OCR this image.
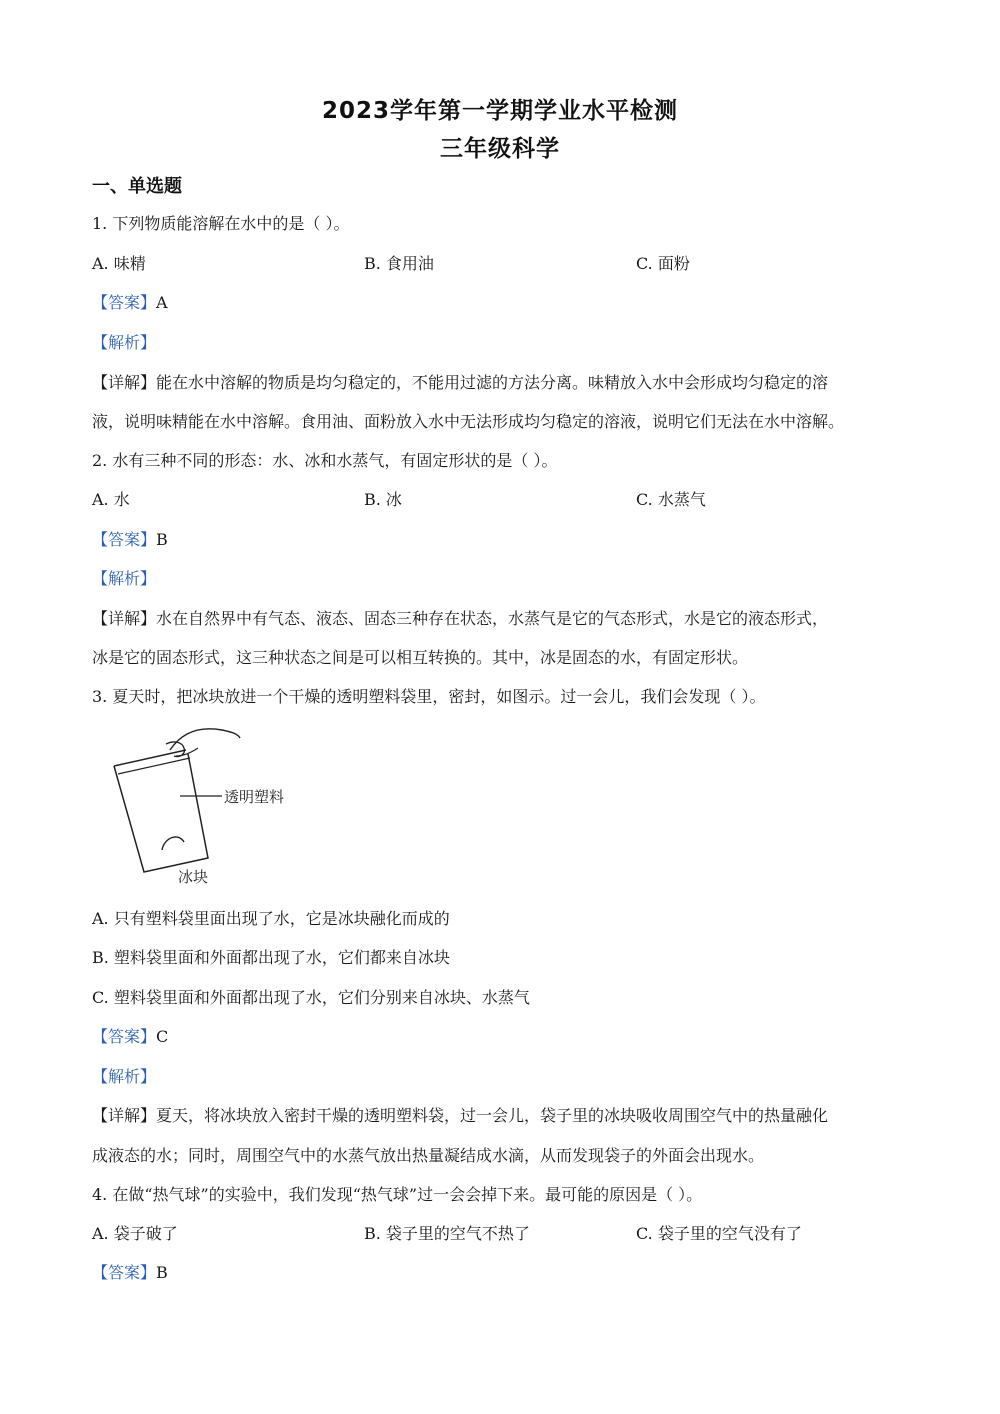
2023学年第一学期学业水平检测
三年级科学
一、单选题
1. 下列物质能溶解在水中的是（ ）。
A. 味精	B. 食用油	C. 面粉
【答案】A
【解析】
【详解】能在水中溶解的物质是均匀稳定的，不能用过滤的方法分离。味精放入水中会形成均匀稳定的溶
液，说明味精能在水中溶解。食用油、面粉放入水中无法形成均匀稳定的溶液，说明它们无法在水中溶解。
2. 水有三种不同的形态：水、冰和水蒸气，有固定形状的是（ ）。
A. 水	B. 冰	C. 水蒸气
【答案】B
【解析】
【详解】水在自然界中有气态、液态、固态三种存在状态，水蒸气是它的气态形式，水是它的液态形式，
冰是它的固态形式，这三种状态之间是可以相互转换的。其中，冰是固态的水，有固定形状。
3. 夏天时，把冰块放进一个干燥的透明塑料袋里，密封，如图示。过一会儿，我们会发现（ ）。
透明塑料
冰块
A. 只有塑料袋里面出现了水，它是冰块融化而成的
B. 塑料袋里面和外面都出现了水，它们都来自冰块
C. 塑料袋里面和外面都出现了水，它们分别来自冰块、水蒸气
【答案】C
【解析】
【详解】夏天，将冰块放入密封干燥的透明塑料袋，过一会儿，袋子里的冰块吸收周围空气中的热量融化
成液态的水；同时，周围空气中的水蒸气放出热量凝结成水滴，从而发现袋子的外面会出现水。
4. 在做“热气球”的实验中，我们发现“热气球”过一会会掉下来。最可能的原因是（ ）。
A. 袋子破了	B. 袋子里的空气不热了	C. 袋子里的空气没有了
【答案】B
